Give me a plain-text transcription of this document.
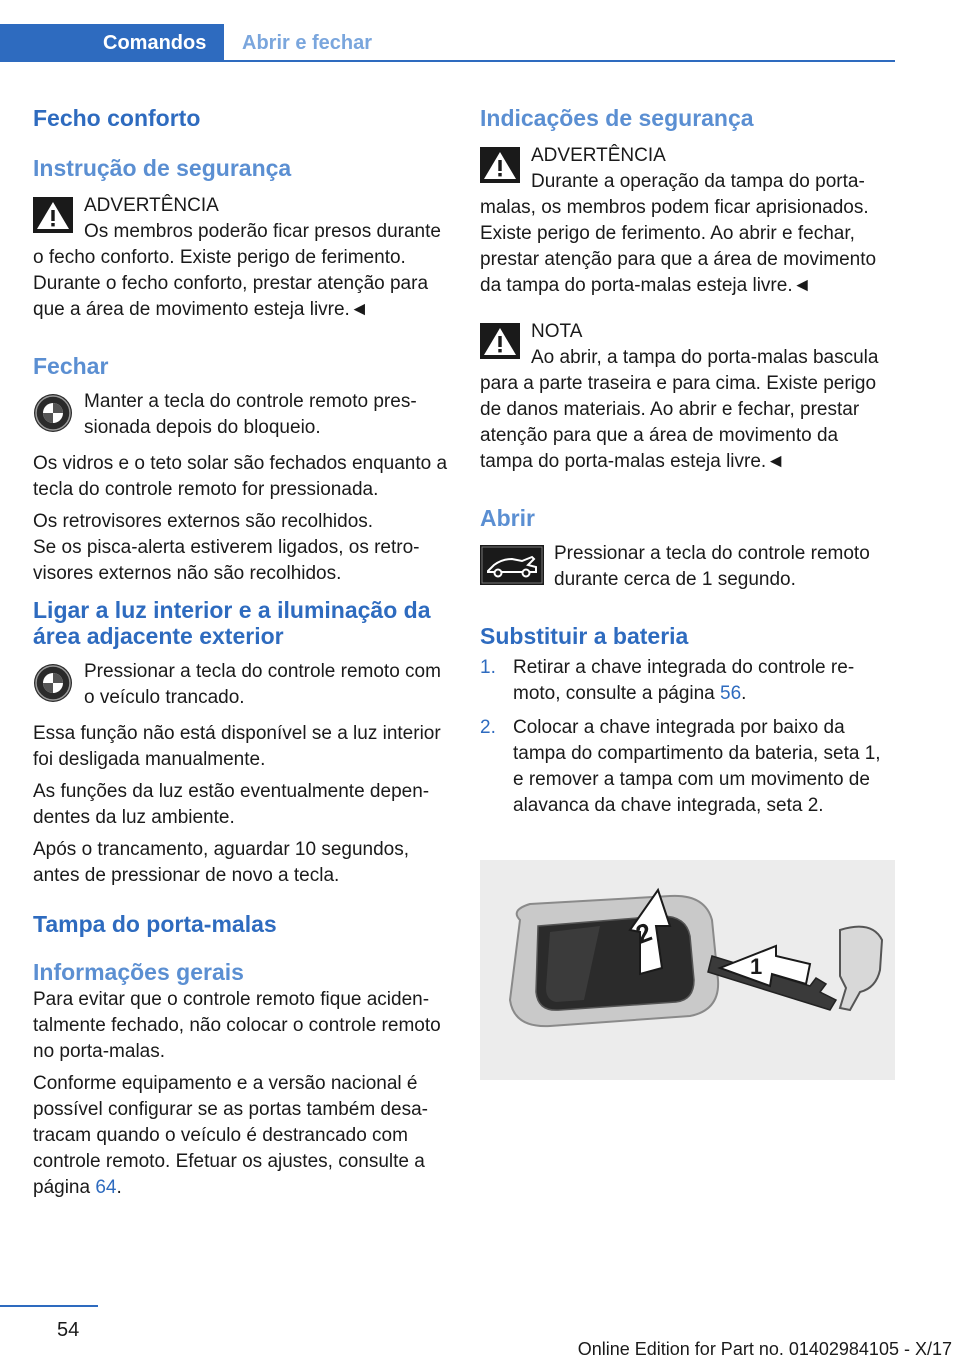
Comandos	Abrir e fechar
Fecho conforto
Instrução de segurança

ADVERTÊNCIA

Os membros poderão ficar presos durante o fecho conforto. Existe perigo de ferimento. Durante o fecho conforto, prestar atenção para que a área de movimento esteja livre.◄

Fechar

Manter a tecla do controle remoto pressionada depois do bloqueio.

Os vidros e o teto solar são fechados enquanto a tecla do controle remoto for pressionada.

Os retrovisores externos são recolhidos.

Se os pisca-alerta estiverem ligados, os retrovisores externos não são recolhidos.

Ligar a luz interior e a iluminação da área adjacente exterior

Pressionar a tecla do controle remoto com o veículo trancado.

Essa função não está disponível se a luz interior foi desligada manualmente.

As funções da luz estão eventualmente dependentes da luz ambiente.

Após o trancamento, aguardar 10 segundos, antes de pressionar de novo a tecla.

Tampa do porta-malas
Informações gerais

Para evitar que o controle remoto fique acidentalmente fechado, não colocar o controle remoto no porta-malas.

Conforme equipamento e a versão nacional é possível configurar se as portas também desatracam quando o veículo é destrancado com controle remoto. Efetuar os ajustes, consulte a página 64.

Indicações de segurança

ADVERTÊNCIA

Durante a operação da tampa do porta-malas, os membros podem ficar aprisionados. Existe perigo de ferimento. Ao abrir e fechar, prestar atenção para que a área de movimento da tampa do porta-malas esteja livre.◄

NOTA

Ao abrir, a tampa do porta-malas bascula para a parte traseira e para cima. Existe perigo de danos materiais. Ao abrir e fechar, prestar atenção para que a área de movimento da tampa do porta-malas esteja livre.◄

Abrir

Pressionar a tecla do controle remoto durante cerca de 1 segundo.

Substituir a bateria
1. Retirar a chave integrada do controle remoto, consulte a página 56.
2. Colocar a chave integrada por baixo da tampa do compartimento da bateria, seta 1, e remover a tampa com um movimento de alavanca da chave integrada, seta 2.
2
1
54
Online Edition for Part no. 01402984105 - X/17
